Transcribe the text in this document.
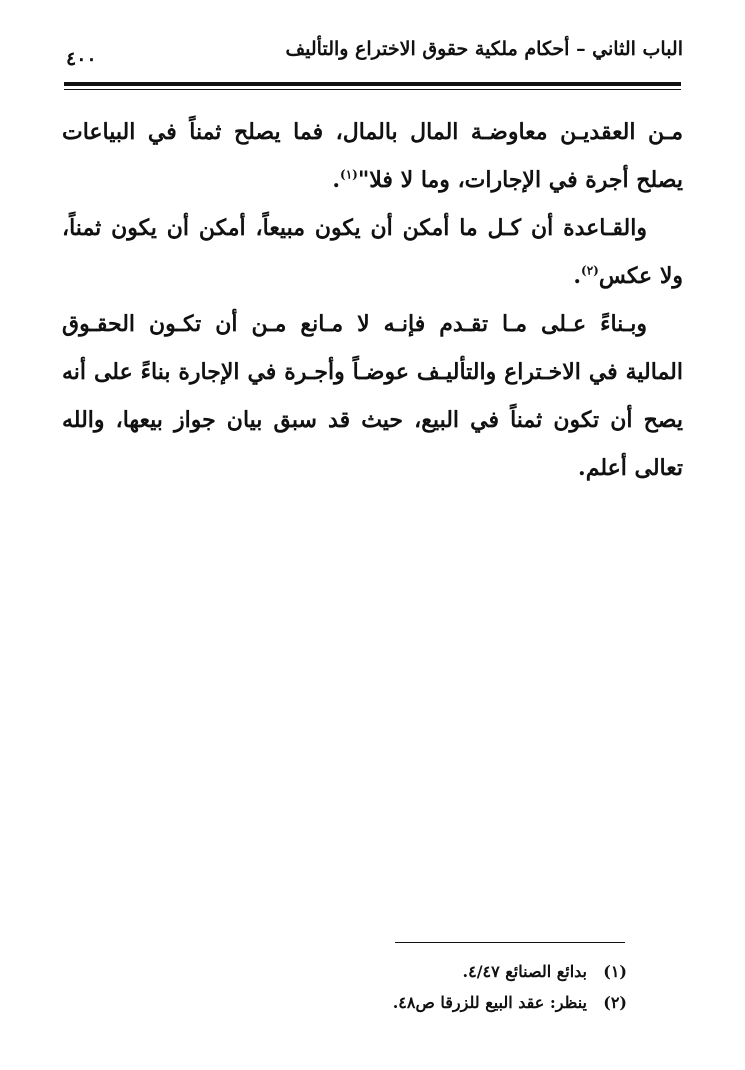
الباب الثاني – أحكام ملكية حقوق الاختراع والتأليف
٤٠٠

مـن العقديـن معاوضـة المال بالمال، فما يصلح ثمناً في البياعات يصلح أجرة في الإجارات، وما لا فلا"$^{(١)}$.

والقـاعدة أن كـل ما أمكن أن يكون مبيعاً، أمكن أن يكون ثمناً، ولا عكس$^{(٢)}$.

وبـناءً عـلى مـا تقـدم فإنـه لا مـانع مـن أن تكـون الحقـوق المالية في الاخـتراع والتأليـف عوضـاً وأجـرة في الإجارة بناءً على أنه يصح أن تكون ثمناً في البيع، حيث قد سبق بيان جواز بيعها، والله تعالى أعلم.

(١)
بدائع الصنائع ٤/٤٧.
(٢)
ينظر: عقد البيع للزرقا ص٤٨.
